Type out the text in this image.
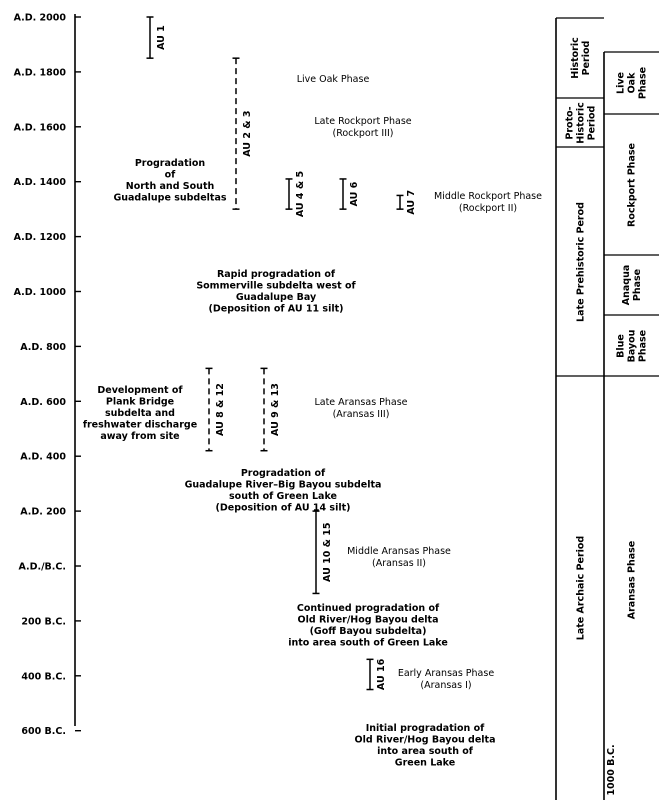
A.D. 2000
A.D. 1800
A.D. 1600
A.D. 1400
A.D. 1200
A.D. 1000
A.D. 800
A.D. 600
A.D. 400
A.D. 200
A.D./B.C.
200 B.C.
400 B.C.
600 B.C.
AU 1
AU 2 & 3
AU 4 & 5	AU 6	AU 7
AU 8 & 12	AU 9 & 13
AU 10 & 15
AU 16
Live Oak Phase
Late Rockport Phase
(Rockport III)
Middle Rockport Phase
(Rockport II)
Late Aransas Phase
(Aransas III)
Middle Aransas Phase
(Aransas II)
Early Aransas Phase
(Aransas I)
Progradation
of
North and South
Guadalupe subdeltas
Rapid progradation of
Sommerville subdelta west of
Guadalupe Bay
(Deposition of AU 11 silt)
Development of
Plank Bridge
subdelta and
freshwater discharge
away from site
Progradation of
Guadalupe River–Big Bayou subdelta
south of Green Lake
(Deposition of AU 14 silt)
Continued progradation of
Old River/Hog Bayou delta
(Goff Bayou subdelta)
into area south of Green Lake
Initial progradation of
Old River/Hog Bayou delta
into area south of
Green Lake
Historic Period
Proto- Historic Period
Late Prehistoric Perod
Late Archaic Period
Live Oak Phase
Rockport Phase
Anaqua Phase
Blue Bayou Phase
Aransas Phase
1000 B.C.
